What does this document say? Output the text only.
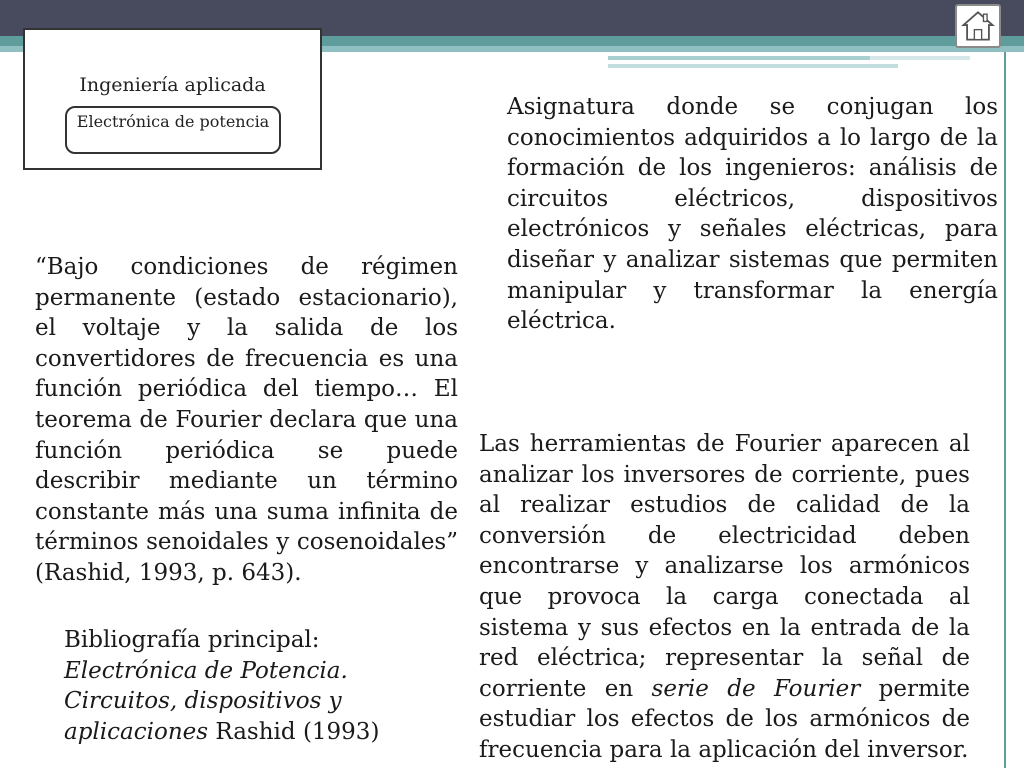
Ingeniería aplicada
Electrónica de potencia
Asignatura donde se conjugan los conocimientos adquiridos a lo largo de la formación de los ingenieros: análisis de circuitos eléctricos, dispositivos electrónicos y señales eléctricas, para diseñar y analizar sistemas que permiten manipular y transformar la energía eléctrica.
“Bajo condiciones de régimen permanente (estado estacionario), el voltaje y la salida de los convertidores de frecuencia es una función periódica del tiempo… El teorema de Fourier declara que una función periódica se puede describir mediante un término constante más una suma infinita de términos senoidales y cosenoidales” (Rashid, 1993, p. 643).
Bibliografía principal:
Electrónica de Potencia. Circuitos, dispositivos y aplicaciones Rashid (1993)
Las herramientas de Fourier aparecen al analizar los inversores de corriente, pues al realizar estudios de calidad de la conversión de electricidad deben encontrarse y analizarse los armónicos que provoca la carga conectada al sistema y sus efectos en la entrada de la red eléctrica; representar la señal de corriente en serie de Fourier permite estudiar los efectos de los armónicos de frecuencia para la aplicación del inversor.
